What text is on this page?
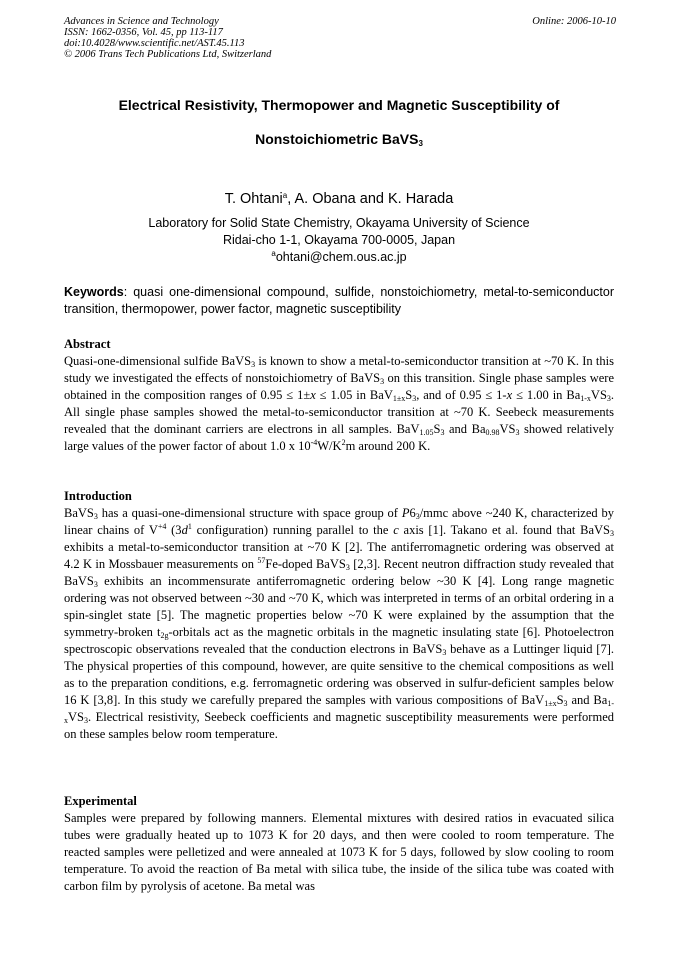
Advances in Science and Technology
ISSN: 1662-0356, Vol. 45, pp 113-117
doi:10.4028/www.scientific.net/AST.45.113
© 2006 Trans Tech Publications Ltd, Switzerland
Online: 2006-10-10
Electrical Resistivity, Thermopower and Magnetic Susceptibility of
Nonstoichiometric BaVS$_3$
T. Ohtani$^a$, A. Obana and K. Harada
Laboratory for Solid State Chemistry, Okayama University of Science
Ridai-cho 1-1, Okayama 700-0005, Japan
$^a$ohtani@chem.ous.ac.jp
Keywords: quasi one-dimensional compound, sulfide, nonstoichiometry, metal-to-semiconductor transition, thermopower, power factor, magnetic susceptibility
Abstract

Quasi-one-dimensional sulfide BaVS$_3$ is known to show a metal-to-semiconductor transition at ~70 K. In this study we investigated the effects of nonstoichiometry of BaVS$_3$ on this transition. Single phase samples were obtained in the composition ranges of 0.95 ≤ 1±x ≤ 1.05 in $BaV_{1\pm x}S_3$, and of 0.95 ≤ 1-x ≤ 1.00 in $Ba_{1-x}VS_3$. All single phase samples showed the metal-to-semiconductor transition at ~70 K. Seebeck measurements revealed that the dominant carriers are electrons in all samples. $BaV_{1.05}S_3$ and $Ba_{0.98}VS_3$ showed relatively large values of the power factor of about 1.0 x $10^{-4}W/K^2m$ around 200 K.

Introduction

BaVS$_3$ has a quasi-one-dimensional structure with space group of $P6_3$/mmc above ~240 K, characterized by linear chains of $V^{+4}$ ($3d^1$ configuration) running parallel to the c axis [1]. Takano et al. found that BaVS$_3$ exhibits a metal-to-semiconductor transition at ~70 K [2]. The antiferromagnetic ordering was observed at 4.2 K in Mossbauer measurements on $^{57}$Fe-doped BaVS$_3$ [2,3]. Recent neutron diffraction study revealed that BaVS$_3$ exhibits an incommensurate antiferromagnetic ordering below ~30 K [4]. Long range magnetic ordering was not observed between ~30 and ~70 K, which was interpreted in terms of an orbital ordering in a spin-singlet state [5]. The magnetic properties below ~70 K were explained by the assumption that the symmetry-broken $t_{2g}$-orbitals act as the magnetic orbitals in the magnetic insulating state [6]. Photoelectron spectroscopic observations revealed that the conduction electrons in BaVS$_3$ behave as a Luttinger liquid [7]. The physical properties of this compound, however, are quite sensitive to the chemical compositions as well as to the preparation conditions, e.g. ferromagnetic ordering was observed in sulfur-deficient samples below 16 K [3,8]. In this study we carefully prepared the samples with various compositions of $BaV_{1\pm x}S_3$ and $Ba_{1-x}VS_3$. Electrical resistivity, Seebeck coefficients and magnetic susceptibility measurements were performed on these samples below room temperature.

Experimental

Samples were prepared by following manners. Elemental mixtures with desired ratios in evacuated silica tubes were gradually heated up to 1073 K for 20 days, and then were cooled to room temperature. The reacted samples were pelletized and were annealed at 1073 K for 5 days, followed by slow cooling to room temperature. To avoid the reaction of Ba metal with silica tube, the inside of the silica tube was coated with carbon film by pyrolysis of acetone. Ba metal was
